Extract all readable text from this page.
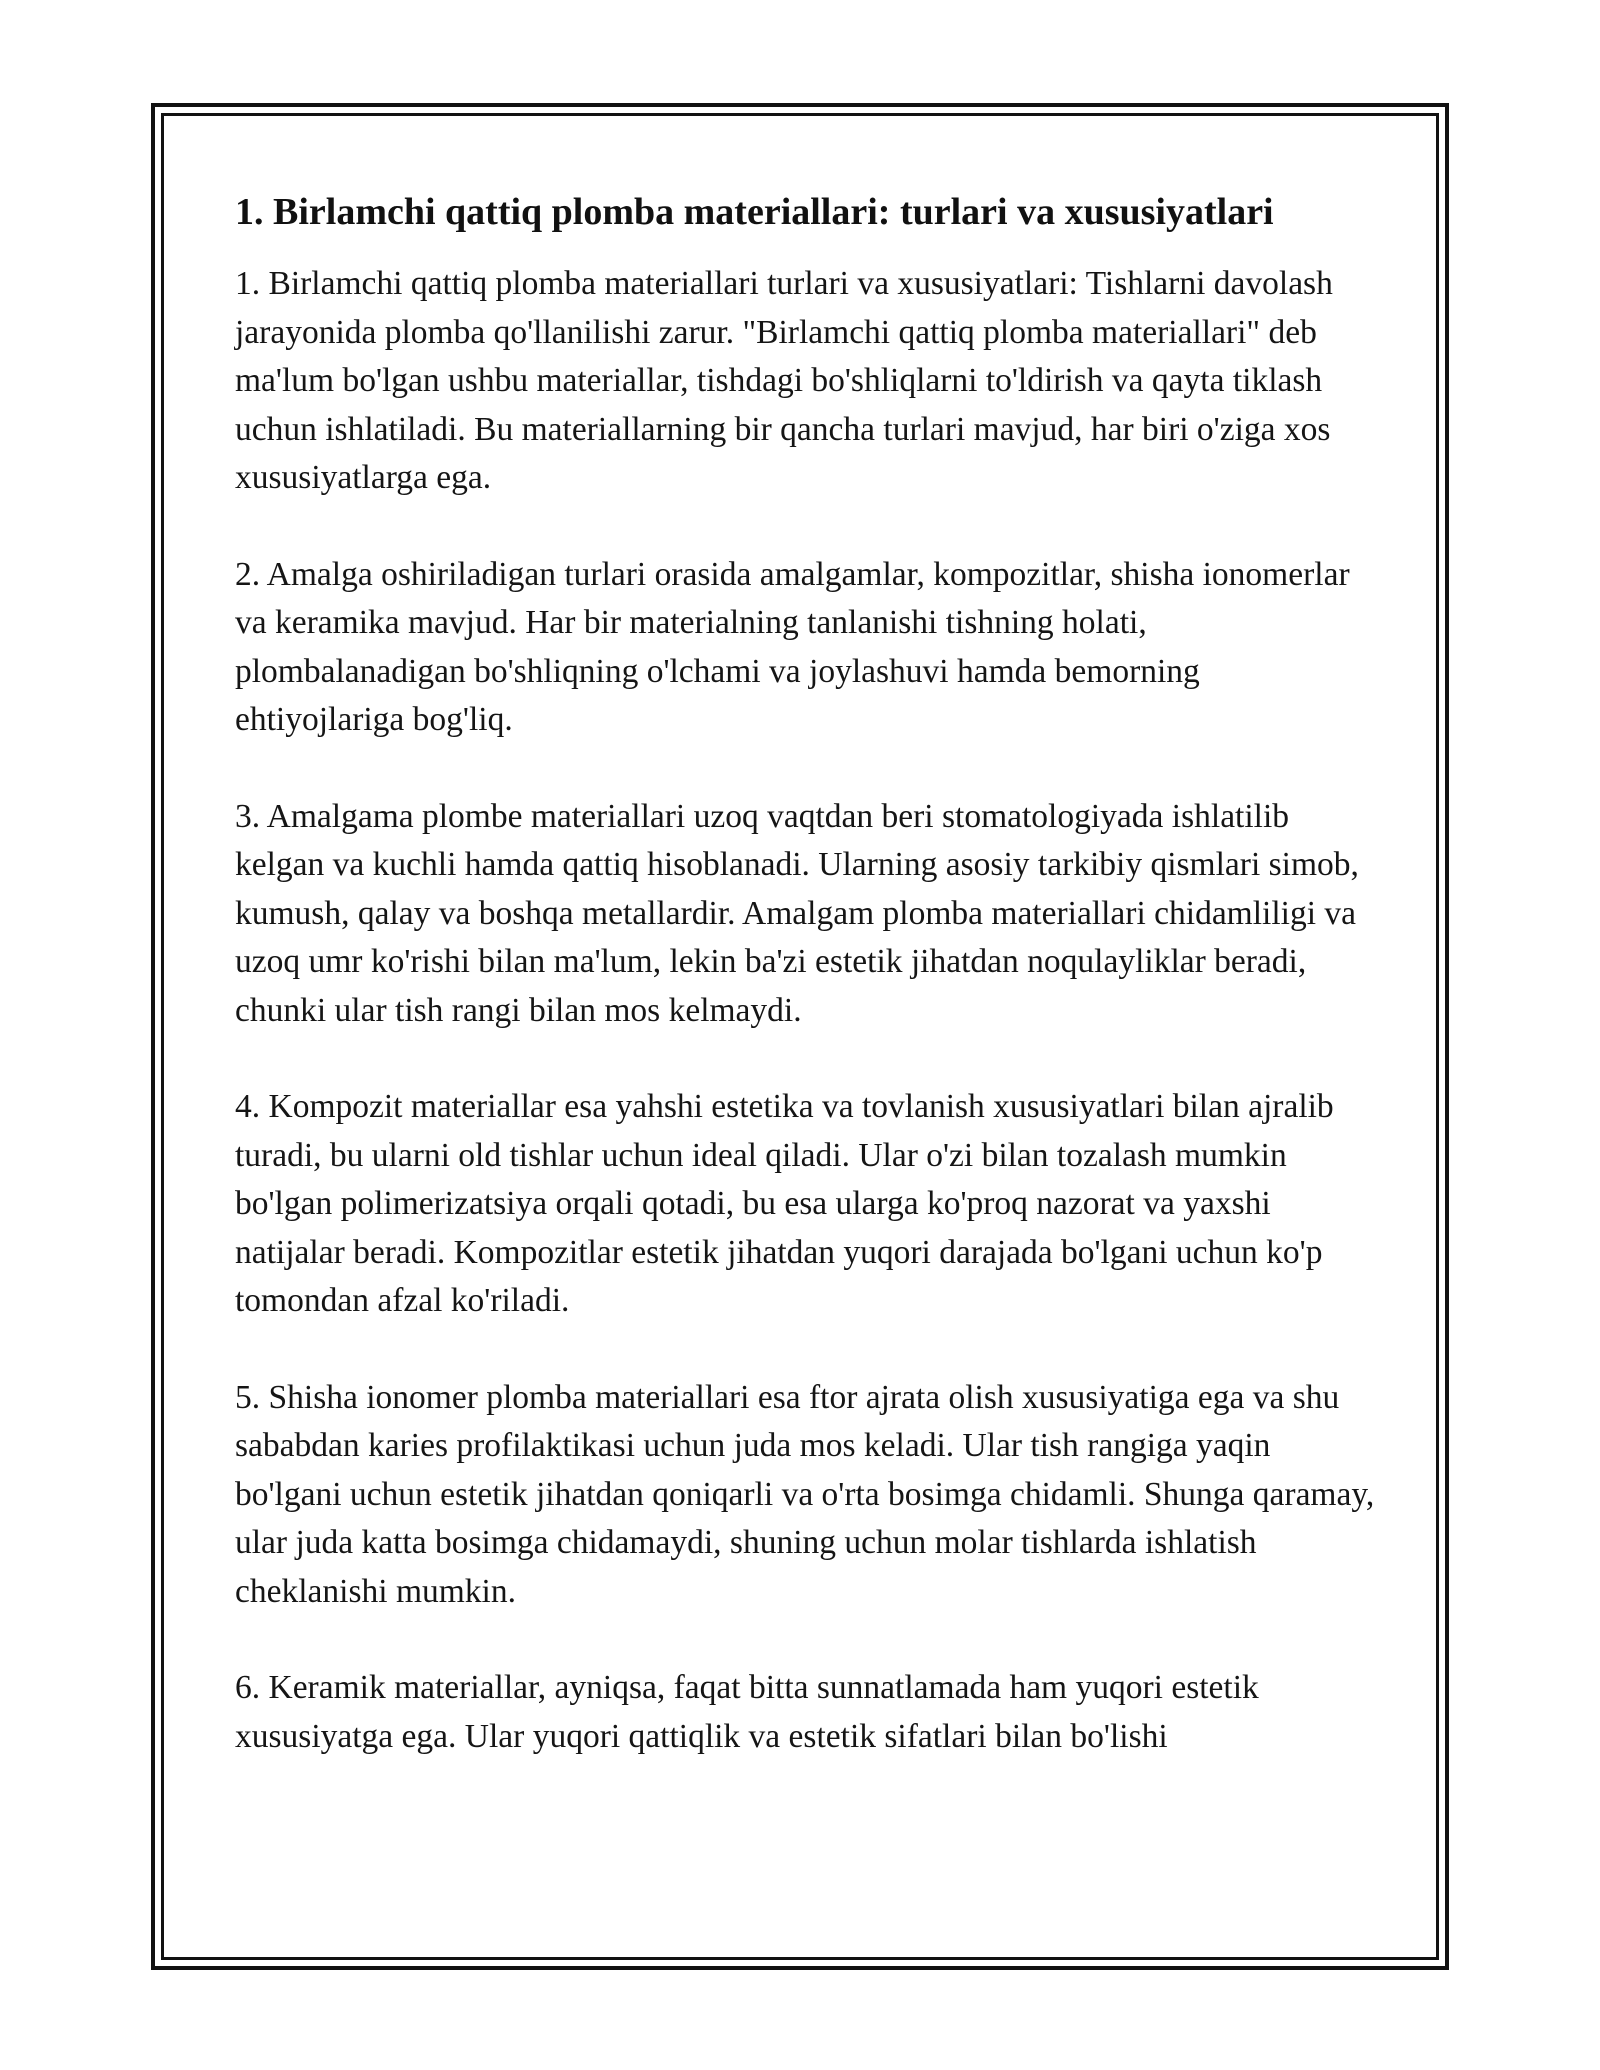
1. Birlamchi qattiq plomba materiallari: turlari va xususiyatlari

1. Birlamchi qattiq plomba materiallari turlari va xususiyatlari: Tishlarni davolash jarayonida plomba qo'llanilishi zarur. "Birlamchi qattiq plomba materiallari" deb ma'lum bo'lgan ushbu materiallar, tishdagi bo'shliqlarni to'ldirish va qayta tiklash uchun ishlatiladi. Bu materiallarning bir qancha turlari mavjud, har biri o'ziga xos xususiyatlarga ega.

2. Amalga oshiriladigan turlari orasida amalgamlar, kompozitlar, shisha ionomerlar va keramika mavjud. Har bir materialning tanlanishi tishning holati, plombalanadigan bo'shliqning o'lchami va joylashuvi hamda bemorning ehtiyojlariga bog'liq.

3. Amalgama plombe materiallari uzoq vaqtdan beri stomatologiyada ishlatilib kelgan va kuchli hamda qattiq hisoblanadi. Ularning asosiy tarkibiy qismlari simob, kumush, qalay va boshqa metallardir. Amalgam plomba materiallari chidamliligi va uzoq umr ko'rishi bilan ma'lum, lekin ba'zi estetik jihatdan noqulayliklar beradi, chunki ular tish rangi bilan mos kelmaydi.

4. Kompozit materiallar esa yahshi estetika va tovlanish xususiyatlari bilan ajralib turadi, bu ularni old tishlar uchun ideal qiladi. Ular o'zi bilan tozalash mumkin bo'lgan polimerizatsiya orqali qotadi, bu esa ularga ko'proq nazorat va yaxshi natijalar beradi. Kompozitlar estetik jihatdan yuqori darajada bo'lgani uchun ko'p tomondan afzal ko'riladi.

5. Shisha ionomer plomba materiallari esa ftor ajrata olish xususiyatiga ega va shu sababdan karies profilaktikasi uchun juda mos keladi. Ular tish rangiga yaqin bo'lgani uchun estetik jihatdan qoniqarli va o'rta bosimga chidamli. Shunga qaramay, ular juda katta bosimga chidamaydi, shuning uchun molar tishlarda ishlatish cheklanishi mumkin.

6. Keramik materiallar, ayniqsa, faqat bitta sunnatlamada ham yuqori estetik xususiyatga ega. Ular yuqori qattiqlik va estetik sifatlari bilan bo'lishi
